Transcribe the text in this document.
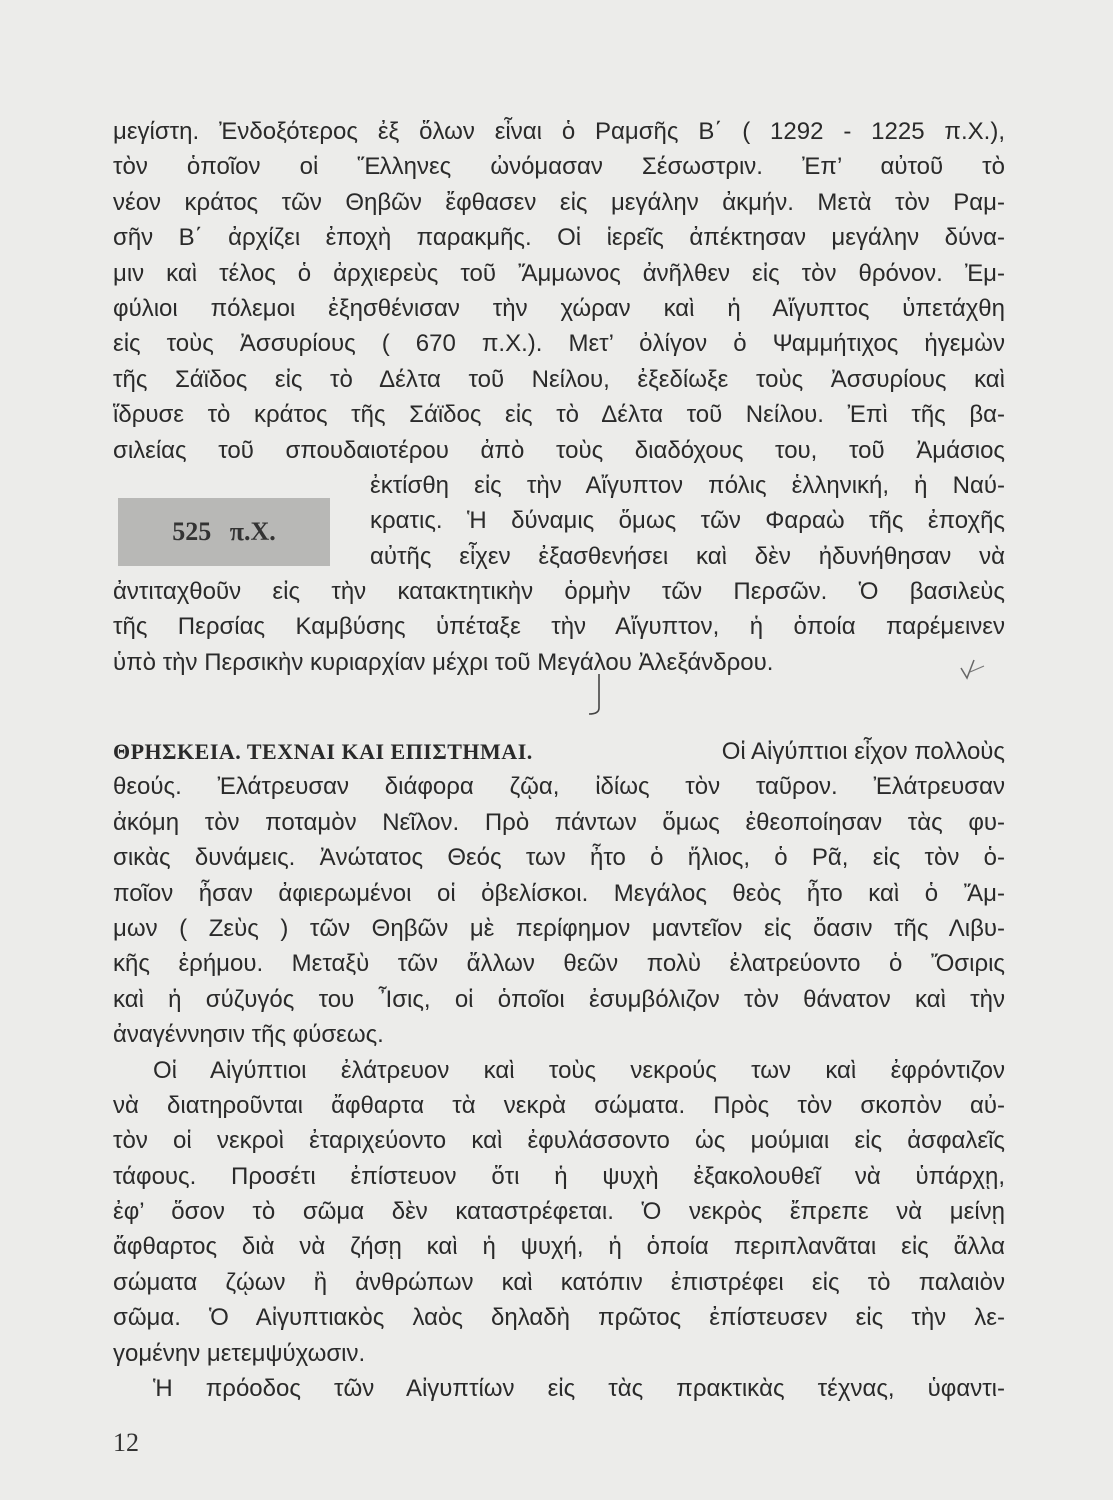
μεγίστη. Ἐνδοξότερος ἐξ ὅλων εἶναι ὁ Ραμσῆς Β΄ ( 1292 - 1225 π.Χ.),
τὸν ὁποῖον οἱ Ἕλληνες ὠνόμασαν Σέσωστριν. Ἐπ’ αὐτοῦ τὸ
νέον κράτος τῶν Θηβῶν ἔφθασεν εἰς μεγάλην ἀκμήν. Μετὰ τὸν Ραμ-
σῆν Β΄ ἀρχίζει ἐποχὴ παρακμῆς. Οἱ ἱερεῖς ἀπέκτησαν μεγάλην δύνα-
μιν καὶ τέλος ὁ ἀρχιερεὺς τοῦ Ἄμμωνος ἀνῆλθεν εἰς τὸν θρόνον. Ἐμ-
φύλιοι πόλεμοι ἐξησθένισαν τὴν χώραν καὶ ἡ Αἴγυπτος ὑπετάχθη
εἰς τοὺς Ἀσσυρίους ( 670 π.Χ.). Μετ’ ὀλίγον ὁ Ψαμμήτιχος ἡγεμὼν
τῆς Σάϊδος εἰς τὸ Δέλτα τοῦ Νείλου, ἐξεδίωξε τοὺς Ἀσσυρίους καὶ
ἵδρυσε τὸ κράτος τῆς Σάϊδος εἰς τὸ Δέλτα τοῦ Νείλου. Ἐπὶ τῆς βα-
σιλείας τοῦ σπουδαιοτέρου ἀπὸ τοὺς διαδόχους του, τοῦ Ἀμάσιος
ἐκτίσθη εἰς τὴν Αἴγυπτον πόλις ἑλληνική, ἡ Ναύ-
κρατις. Ἡ δύναμις ὅμως τῶν Φαραὼ τῆς ἐποχῆς
αὐτῆς εἶχεν ἐξασθενήσει καὶ δὲν ἠδυνήθησαν νὰ
ἀντιταχθοῦν εἰς τὴν κατακτητικὴν ὁρμὴν τῶν Περσῶν. Ὁ βασιλεὺς
τῆς Περσίας Καμβύσης ὑπέταξε τὴν Αἴγυπτον, ἡ ὁποία παρέμεινεν
ὑπὸ τὴν Περσικὴν κυριαρχίαν μέχρι τοῦ Μεγάλου Ἀλεξάνδρου.
525 π.Χ.
ΘΡΗΣΚΕΙΑ. ΤΕΧΝΑΙ ΚΑΙ ΕΠΙΣΤΗΜΑΙ.	Οἱ Αἰγύπτιοι εἶχον πολλοὺς
θεούς. Ἐλάτρευσαν διάφορα ζῷα, ἰδίως τὸν ταῦρον. Ἐλάτρευσαν
ἀκόμη τὸν ποταμὸν Νεῖλον. Πρὸ πάντων ὅμως ἐθεοποίησαν τὰς φυ-
σικὰς δυνάμεις. Ἀνώτατος Θεός των ἦτο ὁ ἥλιος, ὁ Ρᾶ, εἰς τὸν ὁ-
ποῖον ἦσαν ἀφιερωμένοι οἱ ὀβελίσκοι. Μεγάλος θεὸς ἦτο καὶ ὁ Ἄμ-
μων ( Ζεὺς ) τῶν Θηβῶν μὲ περίφημον μαντεῖον εἰς ὄασιν τῆς Λιβυ-
κῆς ἐρήμου. Μεταξὺ τῶν ἄλλων θεῶν πολὺ ἐλατρεύοντο ὁ Ὄσιρις
καὶ ἡ σύζυγός του Ἶσις, οἱ ὁποῖοι ἐσυμβόλιζον τὸν θάνατον καὶ τὴν
ἀναγέννησιν τῆς φύσεως.
Οἱ Αἰγύπτιοι ἐλάτρευον καὶ τοὺς νεκρούς των καὶ ἐφρόντιζον
νὰ διατηροῦνται ἄφθαρτα τὰ νεκρὰ σώματα. Πρὸς τὸν σκοπὸν αὐ-
τὸν οἱ νεκροὶ ἐταριχεύοντο καὶ ἐφυλάσσοντο ὡς μούμιαι εἰς ἀσφαλεῖς
τάφους. Προσέτι ἐπίστευον ὅτι ἡ ψυχὴ ἐξακολουθεῖ νὰ ὑπάρχῃ,
ἐφ’ ὅσον τὸ σῶμα δὲν καταστρέφεται. Ὁ νεκρὸς ἔπρεπε νὰ μείνῃ
ἄφθαρτος διὰ νὰ ζήσῃ καὶ ἡ ψυχή, ἡ ὁποία περιπλανᾶται εἰς ἄλλα
σώματα ζῴων ἢ ἀνθρώπων καὶ κατόπιν ἐπιστρέφει εἰς τὸ παλαιὸν
σῶμα. Ὁ Αἰγυπτιακὸς λαὸς δηλαδὴ πρῶτος ἐπίστευσεν εἰς τὴν λε-
γομένην μετεμψύχωσιν.
Ἡ πρόοδος τῶν Αἰγυπτίων εἰς τὰς πρακτικὰς τέχνας, ὑφαντι-
12
